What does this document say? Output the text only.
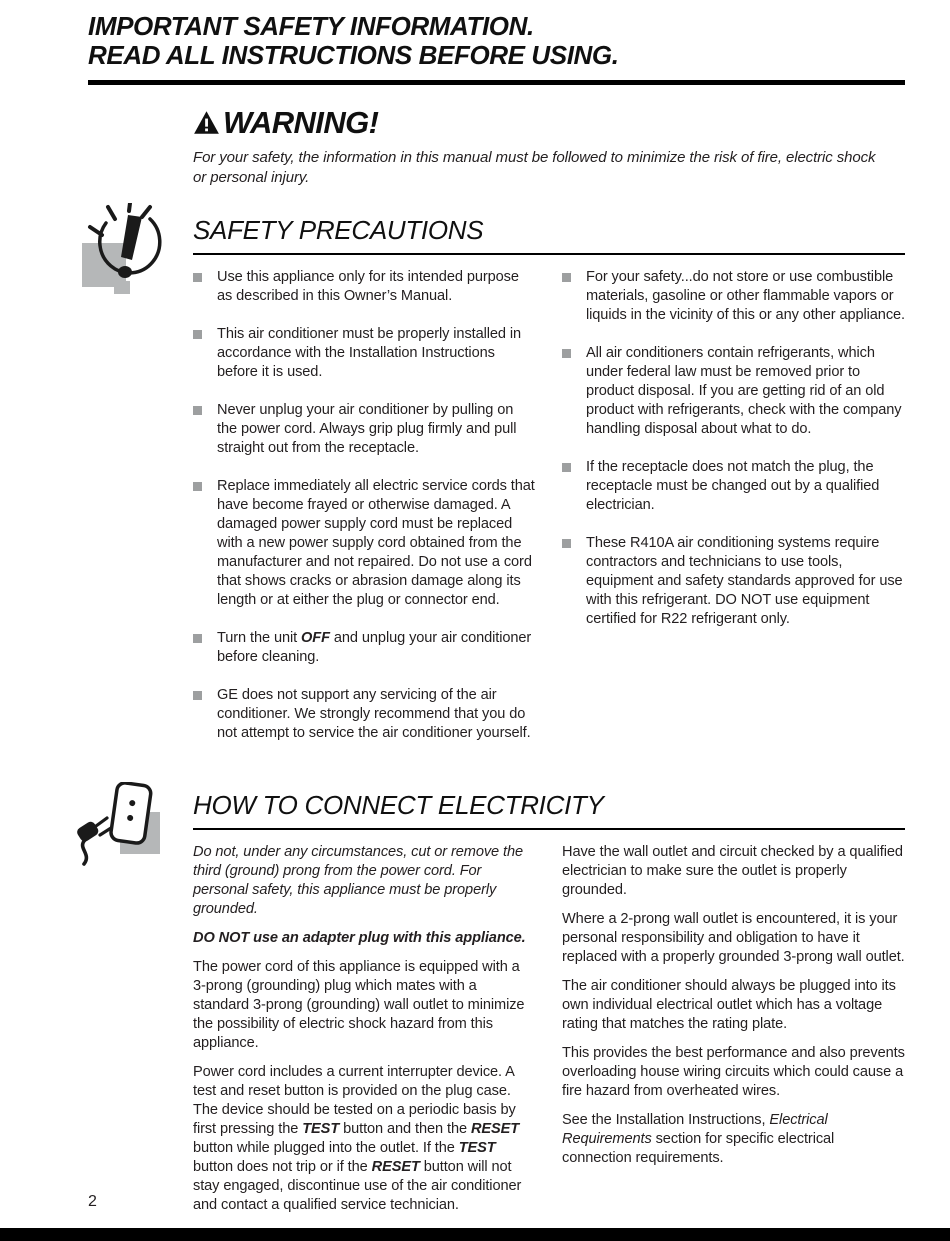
IMPORTANT SAFETY INFORMATION.
READ ALL INSTRUCTIONS BEFORE USING.
WARNING!

For your safety, the information in this manual must be followed to minimize the risk of fire, electric shock or personal injury.

SAFETY PRECAUTIONS

Use this appliance only for its intended purpose as described in this Owner’s Manual.

This air conditioner must be properly installed in accordance with the Installation Instructions before it is used.

Never unplug your air conditioner by pulling on the power cord. Always grip plug firmly and pull straight out from the receptacle.

Replace immediately all electric service cords that have become frayed or otherwise damaged. A damaged power supply cord must be replaced with a new power supply cord obtained from the manufacturer and not repaired. Do not use a cord that shows cracks or abrasion damage along its length or at either the plug or connector end.

Turn the unit OFF and unplug your air conditioner before cleaning.

GE does not support any servicing of the air conditioner. We strongly recommend that you do not attempt to service the air conditioner yourself.

For your safety...do not store or use combustible materials, gasoline or other flammable vapors or liquids in the vicinity of this or any other appliance.

All air conditioners contain refrigerants, which under federal law must be removed prior to product disposal. If you are getting rid of an old product with refrigerants, check with the company handling disposal about what to do.

If the receptacle does not match the plug, the receptacle must be changed out by a qualified electrician.

These R410A air conditioning systems require contractors and technicians to use tools, equipment and safety standards approved for use with this refrigerant. DO NOT use equipment certified for R22 refrigerant only.

HOW TO CONNECT ELECTRICITY

Do not, under any circumstances, cut or remove the third (ground) prong from the power cord. For personal safety, this appliance must be properly grounded.

DO NOT use an adapter plug with this appliance.

The power cord of this appliance is equipped with a 3-prong (grounding) plug which mates with a standard 3-prong (grounding) wall outlet to minimize the possibility of electric shock hazard from this appliance.

Power cord includes a current interrupter device. A test and reset button is provided on the plug case. The device should be tested on a periodic basis by first pressing the TEST button and then the RESET button while plugged into the outlet. If the TEST button does not trip or if the RESET button will not stay engaged, discontinue use of the air conditioner and contact a qualified service technician.

Have the wall outlet and circuit checked by a qualified electrician to make sure the outlet is properly grounded.

Where a 2-prong wall outlet is encountered, it is your personal responsibility and obligation to have it replaced with a properly grounded 3-prong wall outlet.

The air conditioner should always be plugged into its own individual electrical outlet which has a voltage rating that matches the rating plate.

This provides the best performance and also prevents overloading house wiring circuits which could cause a fire hazard from overheated wires.

See the Installation Instructions, Electrical Requirements section for specific electrical connection requirements.

2
